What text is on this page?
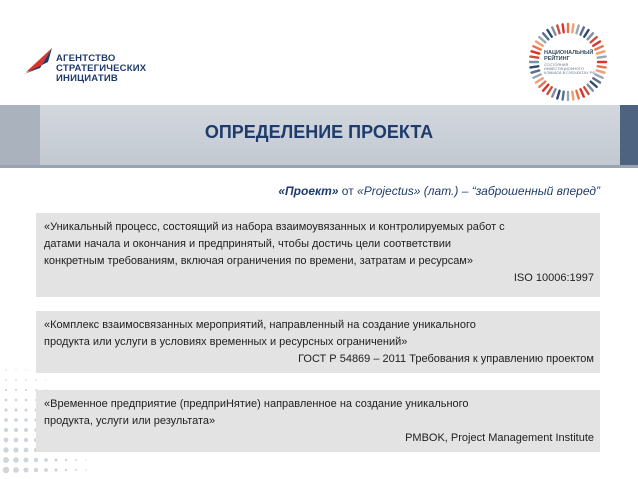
АГЕНТСТВО
СТРАТЕГИЧЕСКИХ
ИНИЦИАТИВ
НАЦИОНАЛЬНЫЙ
РЕЙТИНГ
СОСТОЯНИЯ
ИНВЕСТИЦИОННОГО
КЛИМАТА В СУБЪЕКТАХ РФ
ОПРЕДЕЛЕНИЕ ПРОЕКТА
«Проект» от «Projectus» (лат.) – “заброшенный вперед”
«Уникальный процесс, состоящий из набора взаимоувязанных и контролируемых работ с
датами начала и окончания и предпринятый, чтобы достичь цели соответствии
конкретным требованиям, включая ограничения по времени, затратам и ресурсам»
ISO 10006:1997
«Комплекс взаимосвязанных мероприятий, направленный на создание уникального
продукта или услуги в условиях временных и ресурсных ограничений»
ГОСТ Р 54869 – 2011 Требования к управлению проектом
«Временное предприятие (предприНятие) направленное на создание уникального
продукта, услуги или результата»
PMBOK, Project Management Institute
